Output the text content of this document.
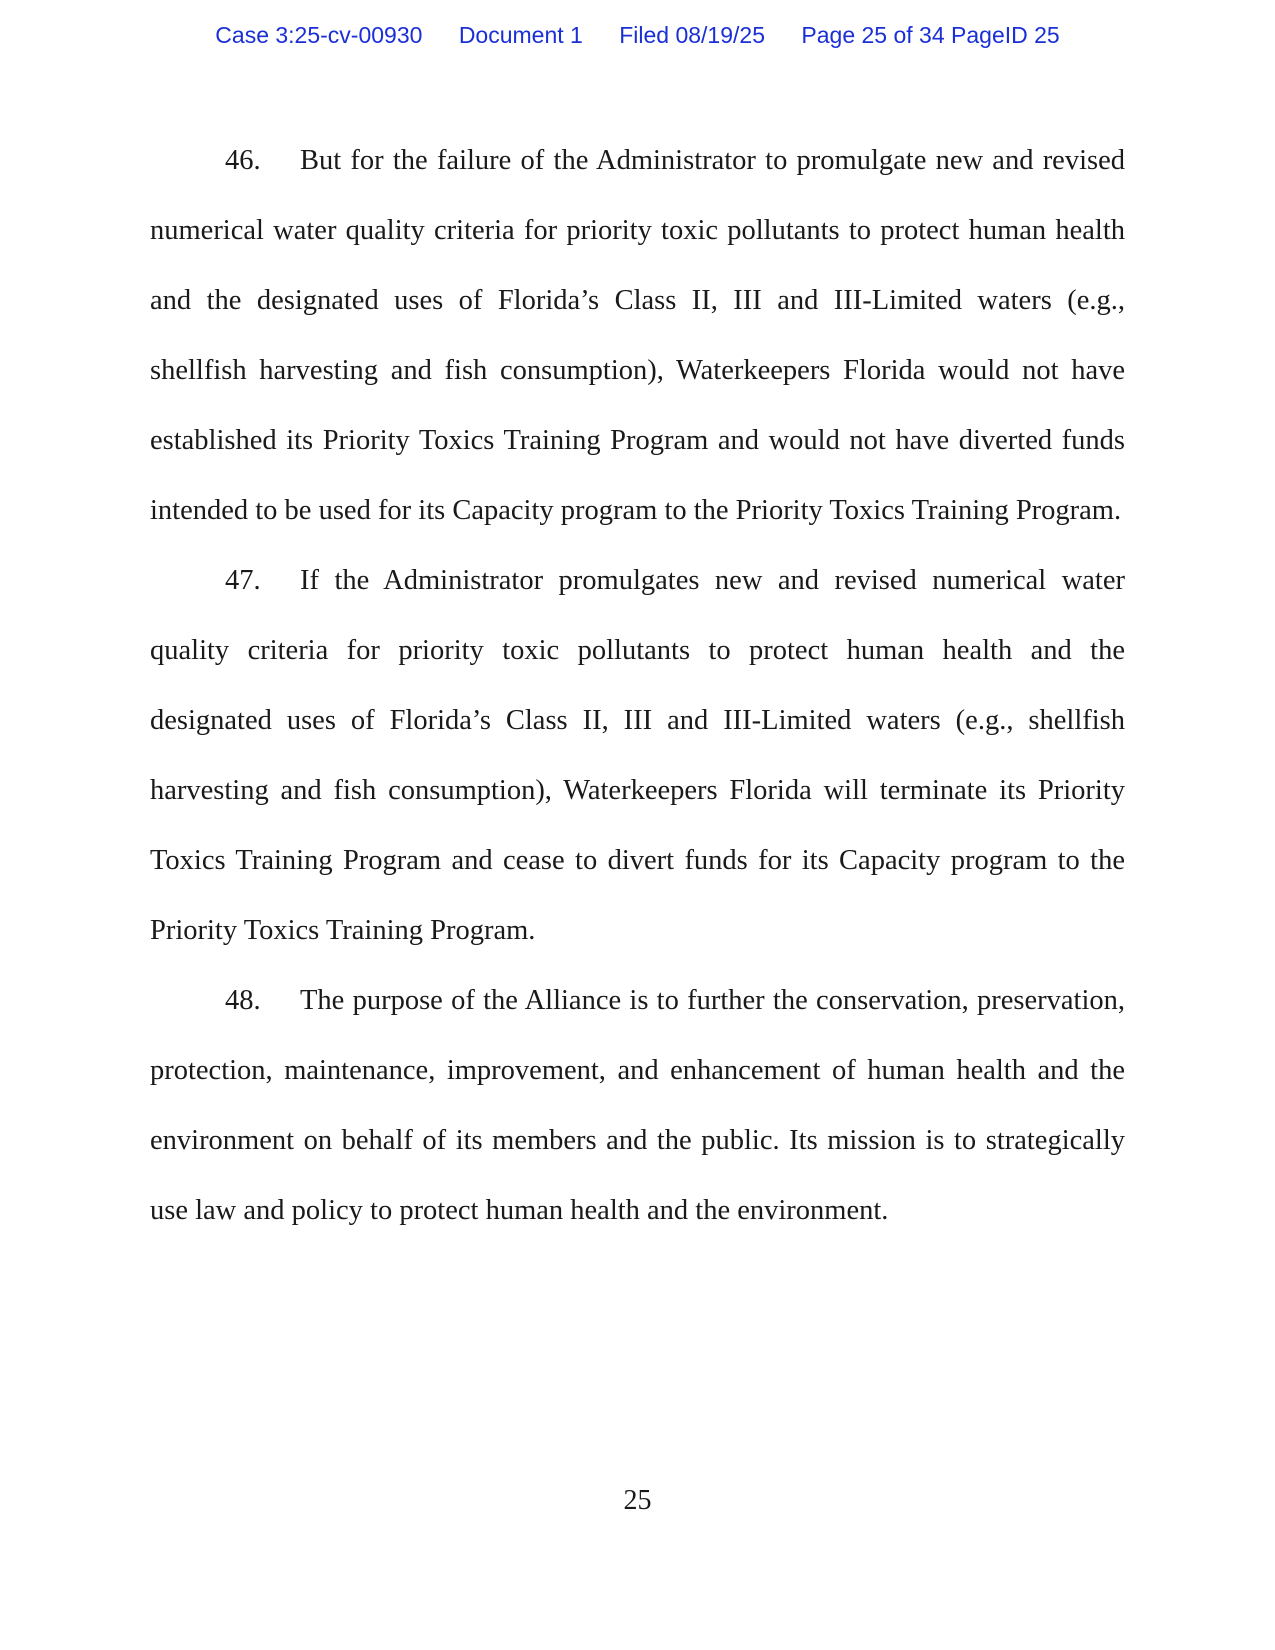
Case 3:25-cv-00930 Document 1 Filed 08/19/25 Page 25 of 34 PageID 25

46. But for the failure of the Administrator to promulgate new and revised numerical water quality criteria for priority toxic pollutants to protect human health and the designated uses of Florida’s Class II, III and III-Limited waters (e.g., shellfish harvesting and fish consumption), Waterkeepers Florida would not have established its Priority Toxics Training Program and would not have diverted funds intended to be used for its Capacity program to the Priority Toxics Training Program.

47. If the Administrator promulgates new and revised numerical water quality criteria for priority toxic pollutants to protect human health and the designated uses of Florida’s Class II, III and III-Limited waters (e.g., shellfish harvesting and fish consumption), Waterkeepers Florida will terminate its Priority Toxics Training Program and cease to divert funds for its Capacity program to the Priority Toxics Training Program.

48. The purpose of the Alliance is to further the conservation, preservation, protection, maintenance, improvement, and enhancement of human health and the environment on behalf of its members and the public. Its mission is to strategically use law and policy to protect human health and the environment.

25
